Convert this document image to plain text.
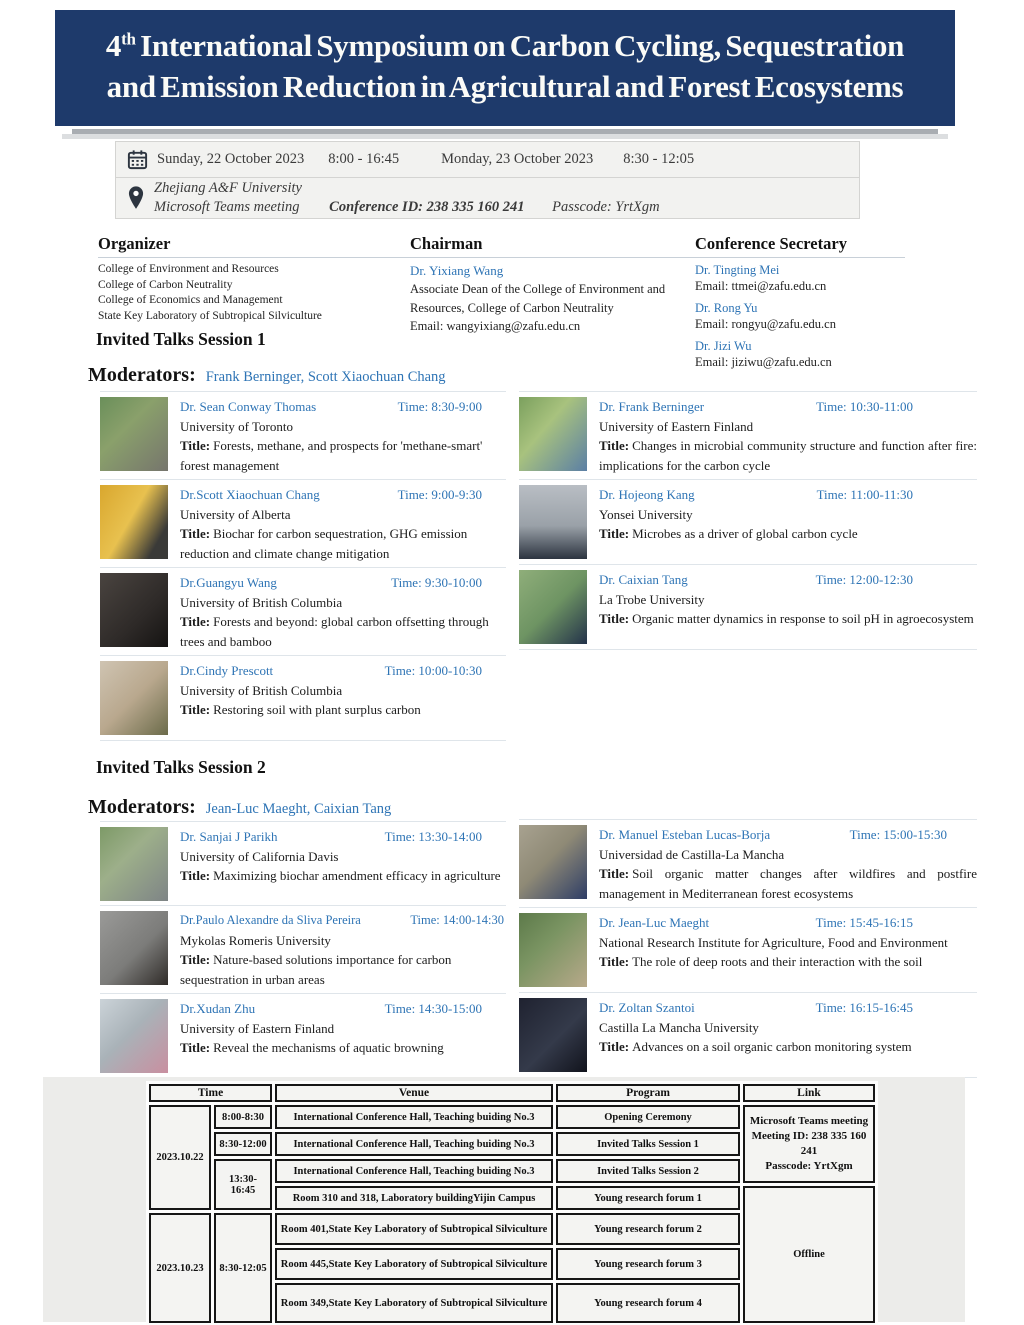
4th International Symposium on Carbon Cycling, Sequestration
and Emission Reduction in Agricultural and Forest Ecosystems
Sunday, 22 October 2023 8:00 - 16:45	Monday, 23 October 2023 8:30 - 12:05
Zhejiang A&F University
Microsoft Teams meeting Conference ID: 238 335 160 241 Passcode: YrtXgm
Organizer
College of Environment and Resources
College of Carbon Neutrality
College of Economics and Management
State Key Laboratory of Subtropical Silviculture
Chairman
Dr. Yixiang Wang
Associate Dean of the College of Environment and Resources, College of Carbon Neutrality
Email: wangyixiang@zafu.edu.cn
Conference Secretary
Dr. Tingting Mei
Email: ttmei@zafu.edu.cn
Dr. Rong Yu
Email: rongyu@zafu.edu.cn
Dr. Jizi Wu
Email: jiziwu@zafu.edu.cn
Invited Talks Session 1
Moderators: Frank Berninger, Scott Xiaochuan Chang
Dr. Sean Conway Thomas	Time: 8:30-9:00
University of Toronto
Title: Forests, methane, and prospects for 'methane-smart' forest management
Dr.Scott Xiaochuan Chang	Time: 9:00-9:30
University of Alberta
Title: Biochar for carbon sequestration, GHG emission reduction and climate change mitigation
Dr.Guangyu Wang	Time: 9:30-10:00
University of British Columbia
Title: Forests and beyond: global carbon offsetting through trees and bamboo
Dr.Cindy Prescott	Time: 10:00-10:30
University of British Columbia
Title: Restoring soil with plant surplus carbon
Dr. Frank Berninger	Time: 10:30-11:00
University of Eastern Finland
Title: Changes in microbial community structure and function after fire: implications for the carbon cycle
Dr. Hojeong Kang	Time: 11:00-11:30
Yonsei University
Title: Microbes as a driver of global carbon cycle
Dr. Caixian Tang	Time: 12:00-12:30
La Trobe University
Title: Organic matter dynamics in response to soil pH in agroecosystem
Invited Talks Session 2
Moderators: Jean-Luc Maeght, Caixian Tang
Dr. Sanjai J Parikh	Time: 13:30-14:00
University of California Davis
Title: Maximizing biochar amendment efficacy in agriculture
Dr.Paulo Alexandre da Sliva Pereira	Time: 14:00-14:30
Mykolas Romeris University
Title: Nature-based solutions importance for carbon sequestration in urban areas
Dr.Xudan Zhu	Time: 14:30-15:00
University of Eastern Finland
Title: Reveal the mechanisms of aquatic browning
Dr. Manuel Esteban Lucas-Borja	Time: 15:00-15:30
Universidad de Castilla-La Mancha
Title: Soil organic matter changes after wildfires and postfire management in Mediterranean forest ecosystems
Dr. Jean-Luc Maeght	Time: 15:45-16:15
National Research Institute for Agriculture, Food and Environment
Title: The role of deep roots and their interaction with the soil
Dr. Zoltan Szantoi	Time: 16:15-16:45
Castilla La Mancha University
Title: Advances on a soil organic carbon monitoring system
Time		Venue	Program	Link
2023.10.22	8:00-8:30	International Conference Hall, Teaching buiding No.3	Opening Ceremony	Microsoft Teams meeting
Meeting ID: 238 335 160 241
Passcode: YrtXgm

	8:30-12:00	International Conference Hall, Teaching buiding No.3	Invited Talks Session 1	
	13:30-16:45	International Conference Hall, Teaching buiding No.3	Invited Talks Session 2	
		Room 310 and 318, Laboratory buildingYijin Campus	Young research forum 1	Offline
2023.10.23	8:30-12:05	Room 401,State Key Laboratory of Subtropical Silviculture	Young research forum 2	
		Room 445,State Key Laboratory of Subtropical Silviculture	Young research forum 3	
		Room 349,State Key Laboratory of Subtropical Silviculture	Young research forum 4	
